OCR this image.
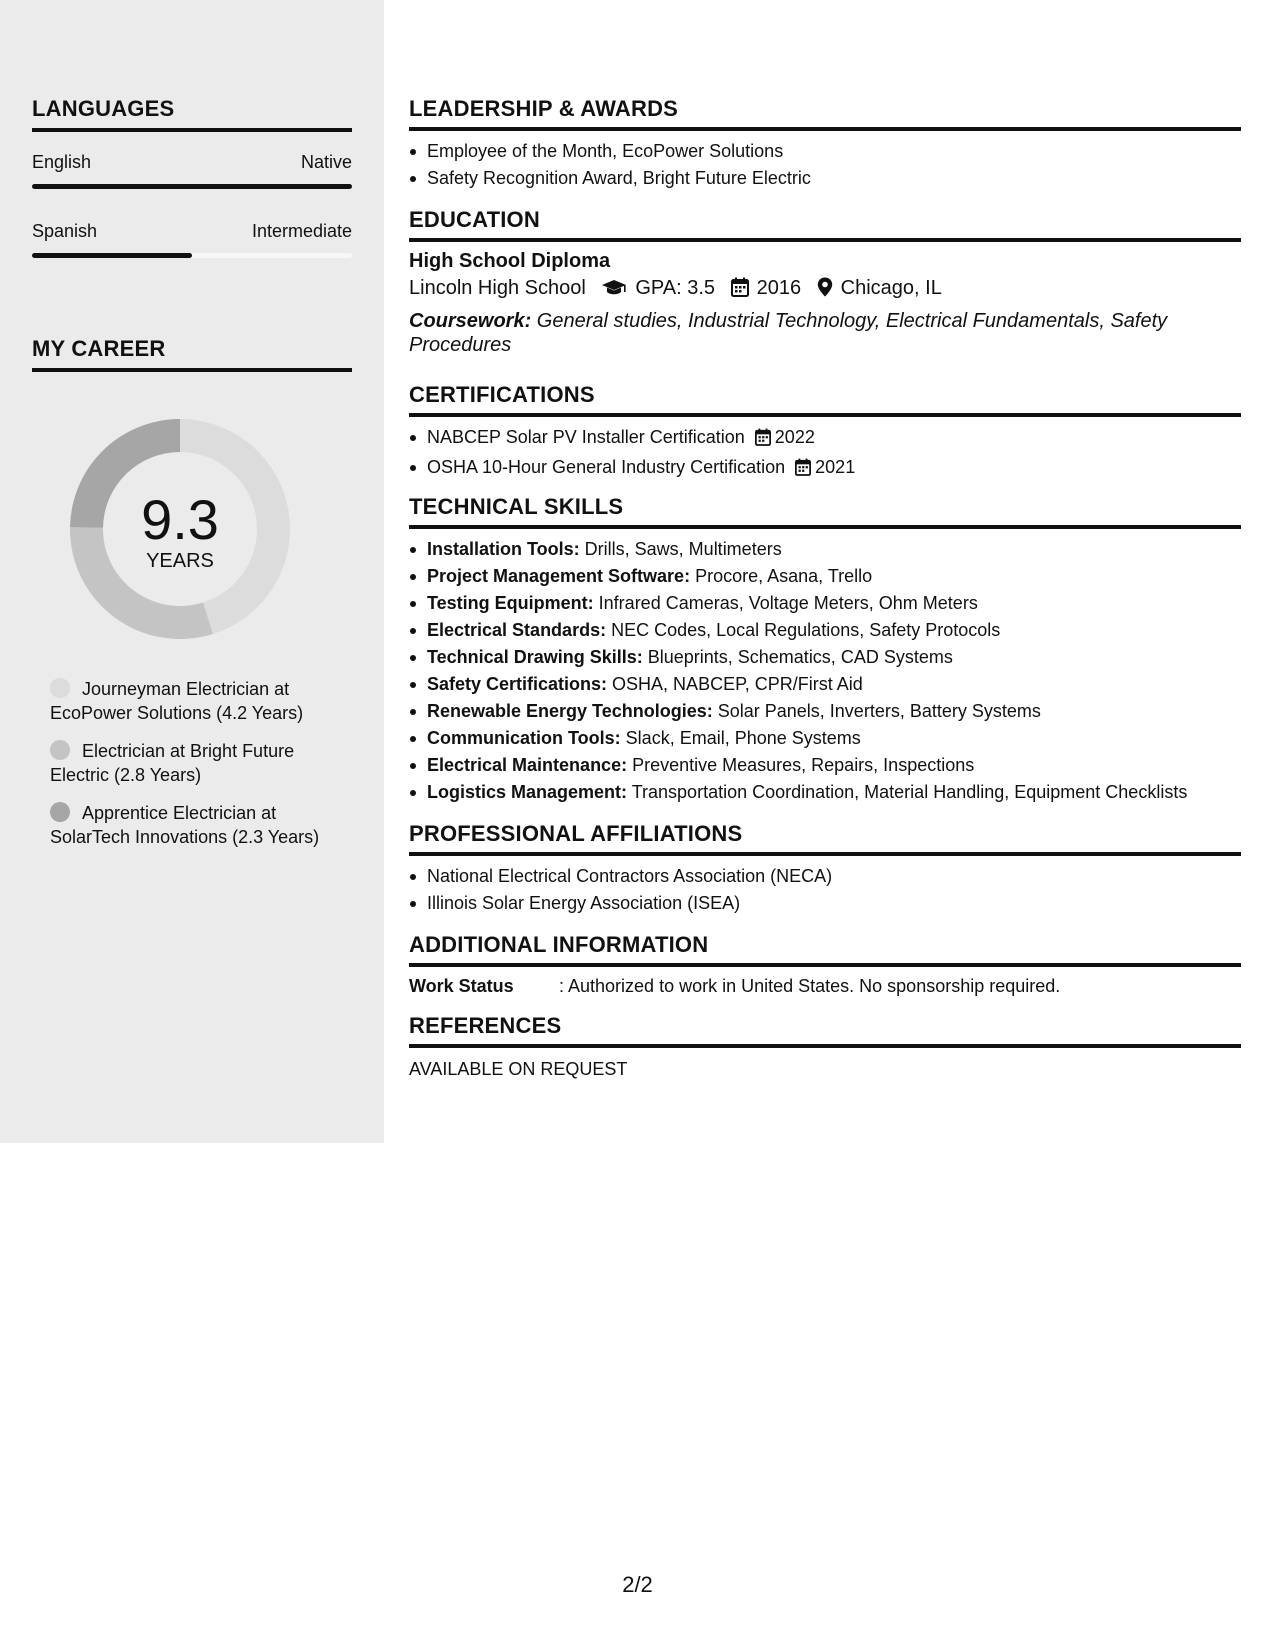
LANGUAGES
English	Native
Spanish	Intermediate
MY CAREER
9.3
YEARS
Journeyman Electrician at EcoPower Solutions (4.2 Years)
Electrician at Bright Future Electric (2.8 Years)
Apprentice Electrician at SolarTech Innovations (2.3 Years)
LEADERSHIP & AWARDS
Employee of the Month, EcoPower Solutions
Safety Recognition Award, Bright Future Electric
EDUCATION
High School Diploma
Lincoln High School GPA: 3.5 2016 Chicago, IL
Coursework: General studies, Industrial Technology, Electrical Fundamentals, Safety Procedures
CERTIFICATIONS
NABCEP Solar PV Installer Certification 2022
OSHA 10-Hour General Industry Certification 2021
TECHNICAL SKILLS
Installation Tools: Drills, Saws, Multimeters
Project Management Software: Procore, Asana, Trello
Testing Equipment: Infrared Cameras, Voltage Meters, Ohm Meters
Electrical Standards: NEC Codes, Local Regulations, Safety Protocols
Technical Drawing Skills: Blueprints, Schematics, CAD Systems
Safety Certifications: OSHA, NABCEP, CPR/First Aid
Renewable Energy Technologies: Solar Panels, Inverters, Battery Systems
Communication Tools: Slack, Email, Phone Systems
Electrical Maintenance: Preventive Measures, Repairs, Inspections
Logistics Management: Transportation Coordination, Material Handling, Equipment Checklists
PROFESSIONAL AFFILIATIONS
National Electrical Contractors Association (NECA)
Illinois Solar Energy Association (ISEA)
ADDITIONAL INFORMATION
Work Status	: Authorized to work in United States. No sponsorship required.
REFERENCES
AVAILABLE ON REQUEST
2/2
